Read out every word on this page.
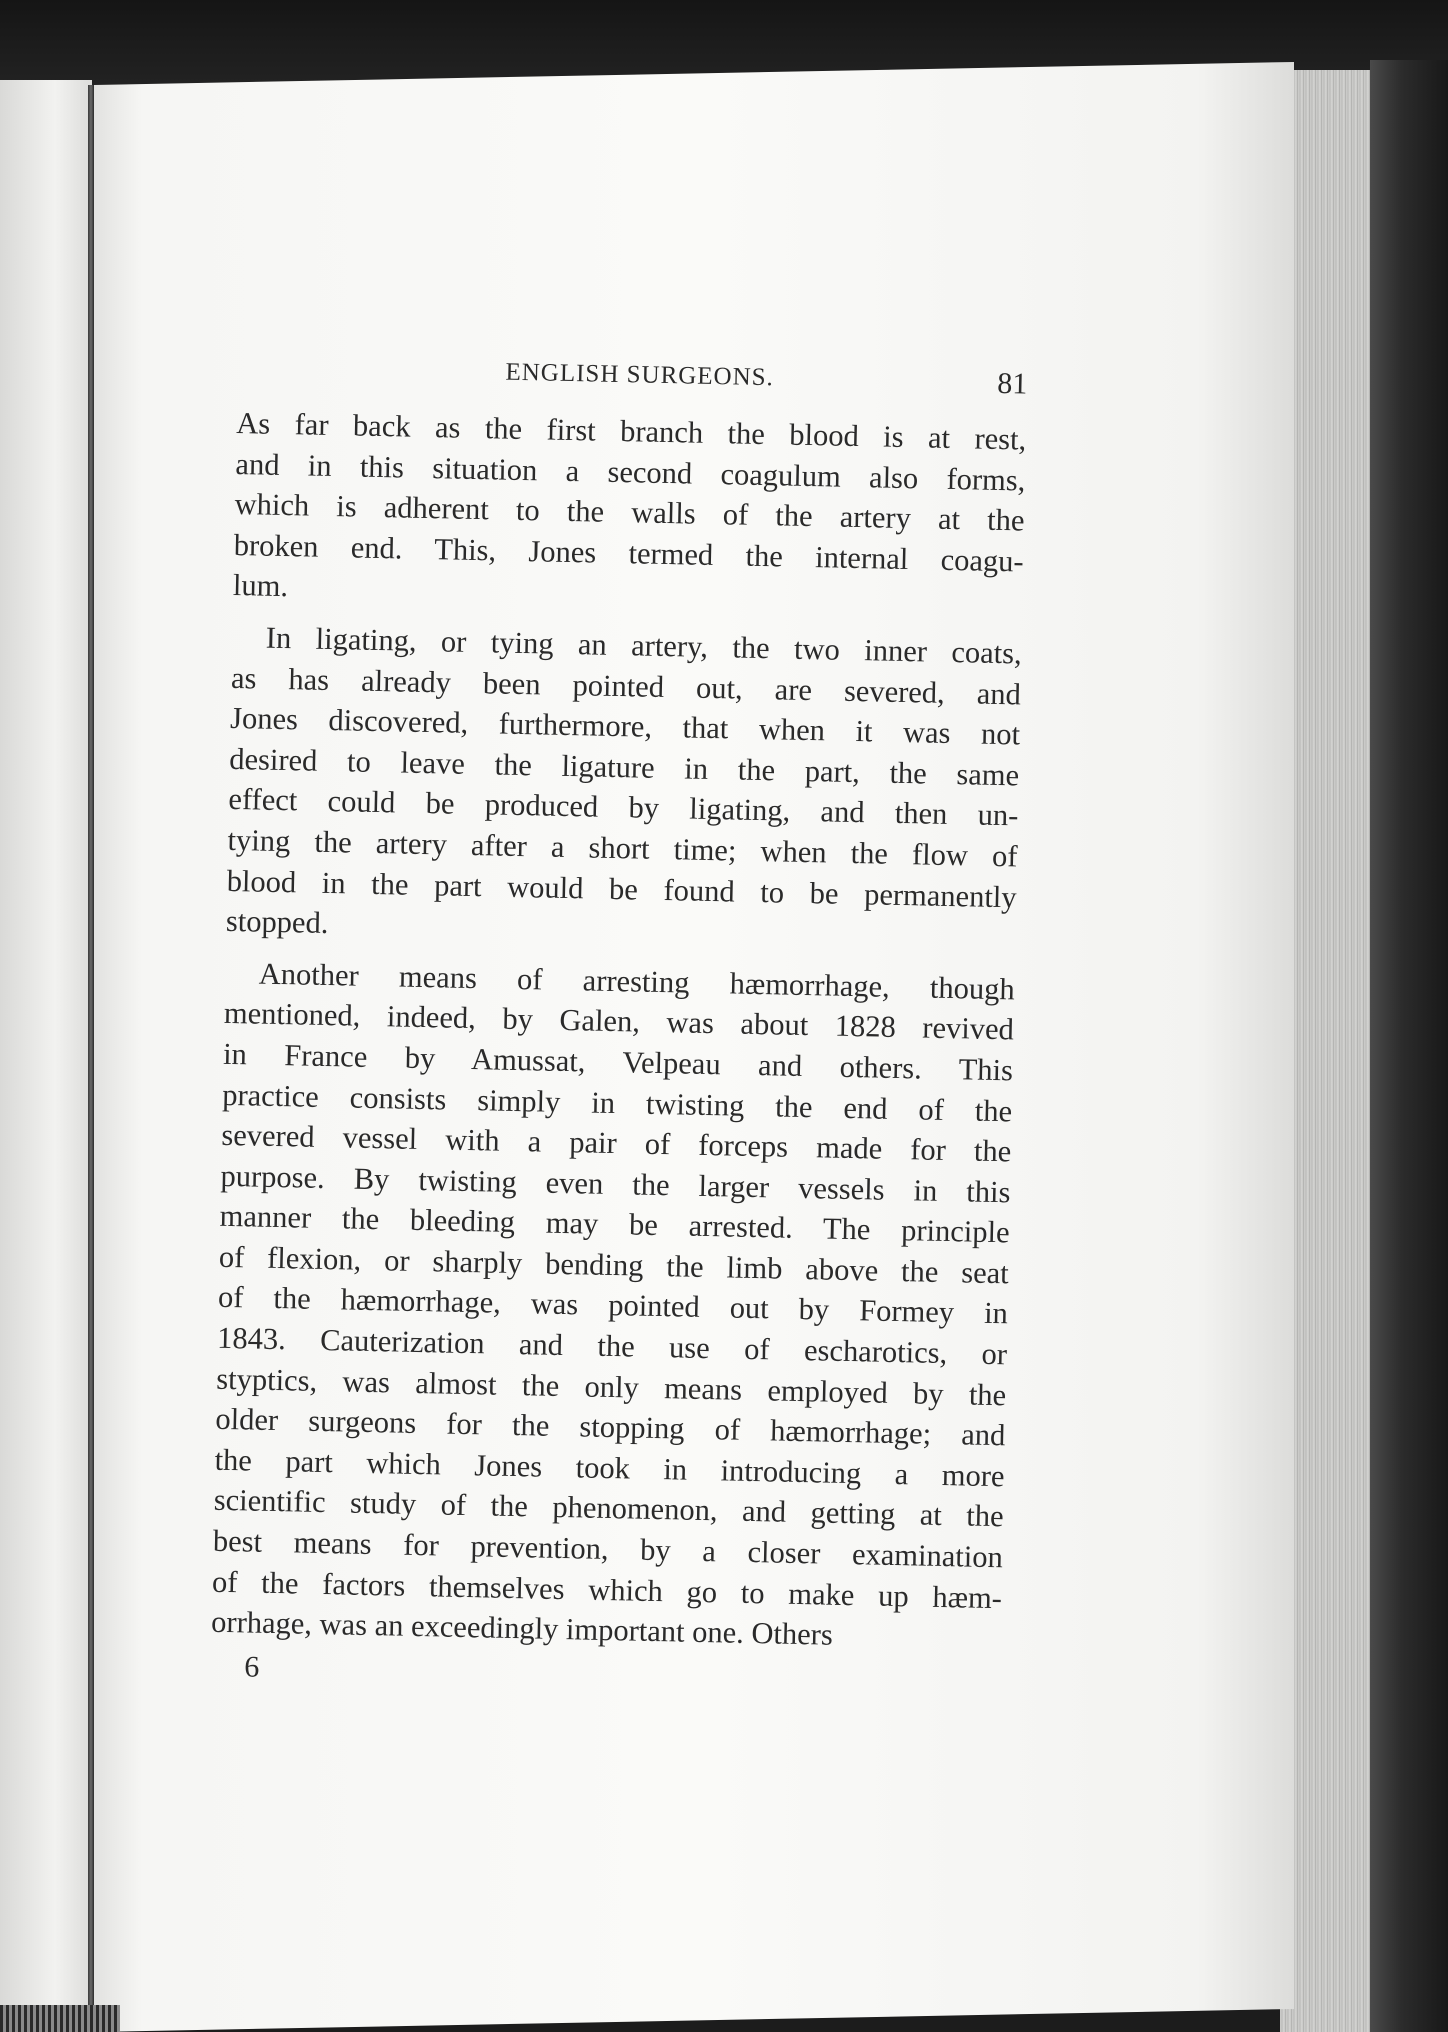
ENGLISH SURGEONS.	81
As far back as the first branch the blood is at rest,
and in this situation a second coagulum also forms,
which is adherent to the walls of the artery at the
broken end. This, Jones termed the internal coagu-
lum.
In ligating, or tying an artery, the two inner coats,
as has already been pointed out, are severed, and
Jones discovered, furthermore, that when it was not
desired to leave the ligature in the part, the same
effect could be produced by ligating, and then un-
tying the artery after a short time; when the flow of
blood in the part would be found to be permanently
stopped.
Another means of arresting hæmorrhage, though
mentioned, indeed, by Galen, was about 1828 revived
in France by Amussat, Velpeau and others. This
practice consists simply in twisting the end of the
severed vessel with a pair of forceps made for the
purpose. By twisting even the larger vessels in this
manner the bleeding may be arrested. The principle
of flexion, or sharply bending the limb above the seat
of the hæmorrhage, was pointed out by Formey in
1843. Cauterization and the use of escharotics, or
styptics, was almost the only means employed by the
older surgeons for the stopping of hæmorrhage; and
the part which Jones took in introducing a more
scientific study of the phenomenon, and getting at the
best means for prevention, by a closer examination
of the factors themselves which go to make up hæm-
orrhage, was an exceedingly important one. Others
6
